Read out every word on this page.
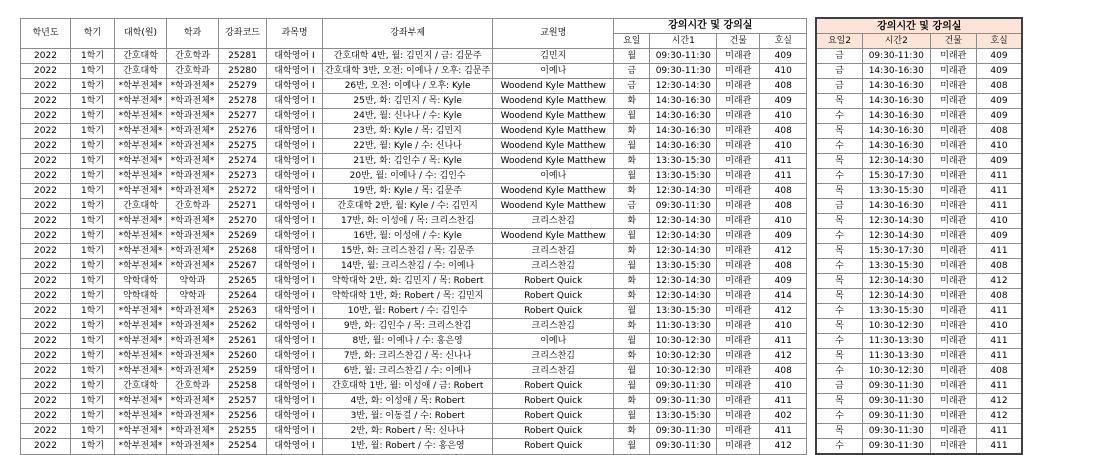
학년도	학기	대학(원)	학과	강좌코드	과목명	강좌부제	교원명	강의시간 및 강의실					강의시간 및 강의실			
								요일	시간1	건물	호실		요일2	시간2	건물	호실
2022	1학기	간호대학	간호학과	25281	대학영어 I	간호대학 4반, 월: 김민지 / 금: 김문주	김민지	월	09:30-11:30	미래관	409		금	09:30-11:30	미래관	409
2022	1학기	간호대학	간호학과	25280	대학영어 I	간호대학 3반, 오전: 이예나 / 오후: 김문주	이예나	금	09:30-11:30	미래관	410		금	14:30-16:30	미래관	409
2022	1학기	*학부전체*	*학과전체*	25279	대학영어 I	26반, 오전: 이예나 / 오후: Kyle	Woodend Kyle Matthew	금	12:30-14:30	미래관	408		금	14:30-16:30	미래관	408
2022	1학기	*학부전체*	*학과전체*	25278	대학영어 I	25반, 화: 김민지 / 목: Kyle	Woodend Kyle Matthew	화	14:30-16:30	미래관	409		목	14:30-16:30	미래관	409
2022	1학기	*학부전체*	*학과전체*	25277	대학영어 I	24반, 월: 신나나 / 수: Kyle	Woodend Kyle Matthew	월	14:30-16:30	미래관	410		수	14:30-16:30	미래관	409
2022	1학기	*학부전체*	*학과전체*	25276	대학영어 I	23반, 화: Kyle / 목: 김민지	Woodend Kyle Matthew	화	14:30-16:30	미래관	408		목	14:30-16:30	미래관	408
2022	1학기	*학부전체*	*학과전체*	25275	대학영어 I	22반, 월: Kyle / 수: 신나나	Woodend Kyle Matthew	월	14:30-16:30	미래관	410		수	14:30-16:30	미래관	410
2022	1학기	*학부전체*	*학과전체*	25274	대학영어 I	21반, 화: 김인수 / 목: Kyle	Woodend Kyle Matthew	화	13:30-15:30	미래관	411		목	12:30-14:30	미래관	409
2022	1학기	*학부전체*	*학과전체*	25273	대학영어 I	20반, 월: 이예나 / 수: 김인수	이예나	월	13:30-15:30	미래관	411		수	15:30-17:30	미래관	411
2022	1학기	*학부전체*	*학과전체*	25272	대학영어 I	19반, 화: Kyle / 목: 김문주	Woodend Kyle Matthew	화	12:30-14:30	미래관	408		목	13:30-15:30	미래관	411
2022	1학기	간호대학	간호학과	25271	대학영어 I	간호대학 2반, 월: Kyle / 수: 김민지	Woodend Kyle Matthew	금	09:30-11:30	미래관	408		금	14:30-16:30	미래관	411
2022	1학기	*학부전체*	*학과전체*	25270	대학영어 I	17반, 화: 이성애 / 목: 크리스찬김	크리스찬김	화	12:30-14:30	미래관	410		목	12:30-14:30	미래관	410
2022	1학기	*학부전체*	*학과전체*	25269	대학영어 I	16반, 월: 이성애 / 수: Kyle	Woodend Kyle Matthew	월	12:30-14:30	미래관	409		수	12:30-14:30	미래관	409
2022	1학기	*학부전체*	*학과전체*	25268	대학영어 I	15반, 화: 크리스찬김 / 목: 김문주	크리스찬김	화	12:30-14:30	미래관	412		목	15:30-17:30	미래관	411
2022	1학기	*학부전체*	*학과전체*	25267	대학영어 I	14반, 월: 크리스찬김 / 수: 이예나	크리스찬김	월	13:30-15:30	미래관	408		수	13:30-15:30	미래관	408
2022	1학기	약학대학	약학과	25265	대학영어 I	약학대학 2반, 화: 김민지 / 목: Robert	Robert Quick	화	12:30-14:30	미래관	409		목	12:30-14:30	미래관	412
2022	1학기	약학대학	약학과	25264	대학영어 I	약학대학 1반, 화: Robert / 목: 김민지	Robert Quick	화	12:30-14:30	미래관	414		목	12:30-14:30	미래관	408
2022	1학기	*학부전체*	*학과전체*	25263	대학영어 I	10반, 월: Robert / 수: 김인수	Robert Quick	월	13:30-15:30	미래관	412		수	13:30-15:30	미래관	411
2022	1학기	*학부전체*	*학과전체*	25262	대학영어 I	9반, 화: 김인수 / 목: 크리스찬김	크리스찬김	화	11:30-13:30	미래관	410		목	10:30-12:30	미래관	410
2022	1학기	*학부전체*	*학과전체*	25261	대학영어 I	8반, 월: 이예나 / 수: 홍은영	이예나	월	10:30-12:30	미래관	411		수	11:30-13:30	미래관	411
2022	1학기	*학부전체*	*학과전체*	25260	대학영어 I	7반, 화: 크리스찬김 / 목: 신나나	크리스찬김	화	10:30-12:30	미래관	412		목	11:30-13:30	미래관	411
2022	1학기	*학부전체*	*학과전체*	25259	대학영어 I	6반, 월: 크리스찬김 / 수: 이예나	크리스찬김	월	10:30-12:30	미래관	408		수	10:30-12:30	미래관	408
2022	1학기	간호대학	간호학과	25258	대학영어 I	간호대학 1반, 월: 이성애 / 금: Robert	Robert Quick	월	09:30-11:30	미래관	410		금	09:30-11:30	미래관	411
2022	1학기	*학부전체*	*학과전체*	25257	대학영어 I	4반, 화: 이성애 / 목: Robert	Robert Quick	화	09:30-11:30	미래관	411		목	09:30-11:30	미래관	412
2022	1학기	*학부전체*	*학과전체*	25256	대학영어 I	3반, 월: 이동걸 / 수: Robert	Robert Quick	월	13:30-15:30	미래관	402		수	09:30-11:30	미래관	412
2022	1학기	*학부전체*	*학과전체*	25255	대학영어 I	2반, 화: Robert / 목: 신나나	Robert Quick	화	09:30-11:30	미래관	411		목	09:30-11:30	미래관	411
2022	1학기	*학부전체*	*학과전체*	25254	대학영어 I	1반, 월: Robert / 수: 홍은영	Robert Quick	월	09:30-11:30	미래관	412		수	09:30-11:30	미래관	411
